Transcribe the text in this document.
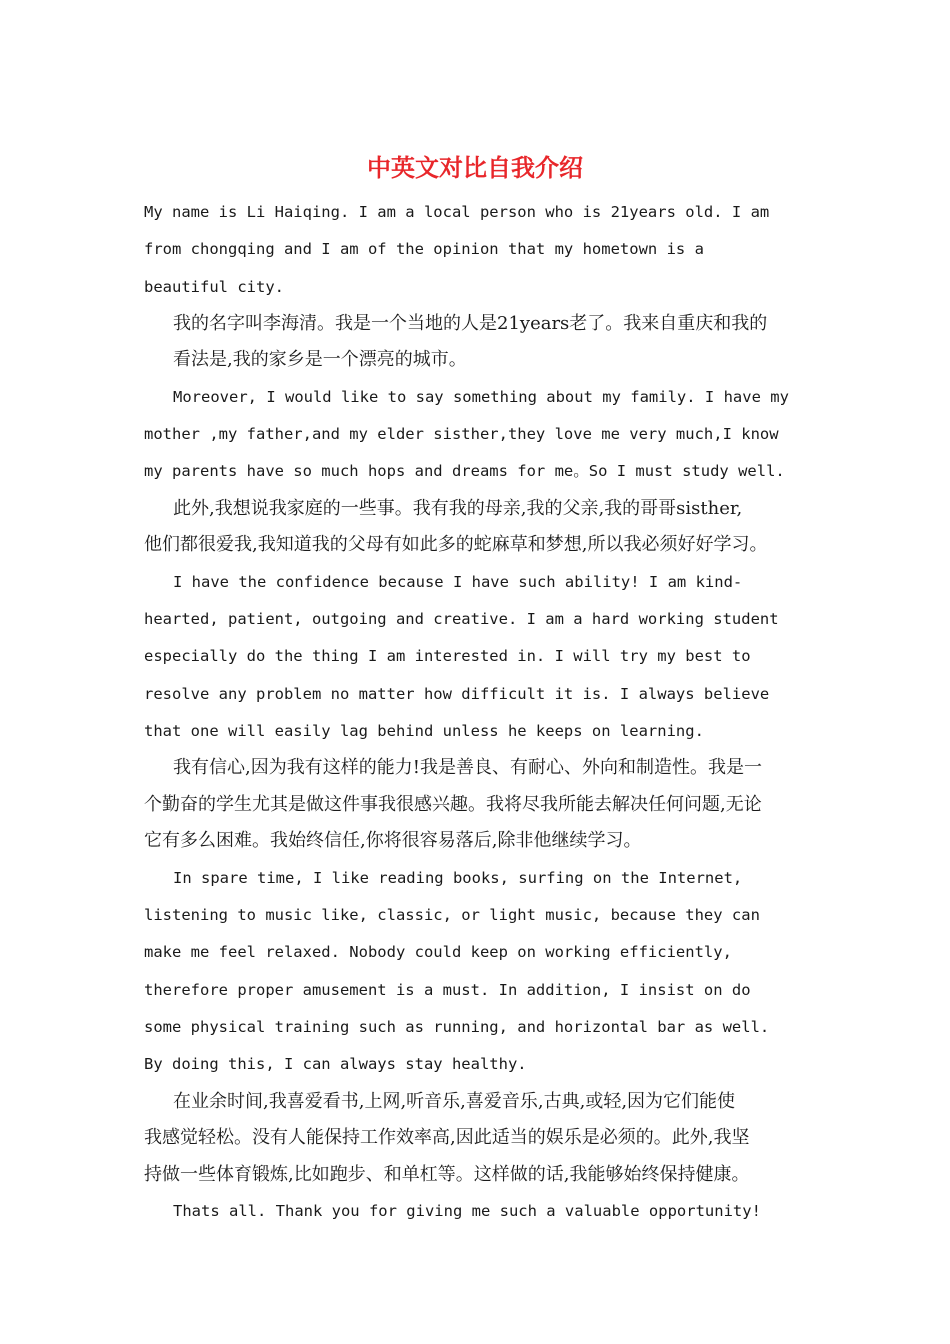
中英文对比自我介绍

My name is Li Haiqing. I am a local person who is 21years old. I am
from chongqing and I am of the opinion that my hometown is a
beautiful city.

我的名字叫李海清。我是一个当地的人是21years老了。我来自重庆和我的
看法是,我的家乡是一个漂亮的城市。

Moreover, I would like to say something about my family. I have my
mother ,my father,and my elder sisther,they love me very much,I know
my parents have so much hops and dreams for me。So I must study well.

此外,我想说我家庭的一些事。我有我的母亲,我的父亲,我的哥哥sisther,
他们都很爱我,我知道我的父母有如此多的蛇麻草和梦想,所以我必须好好学习。

I have the confidence because I have such ability! I am kind-
hearted, patient, outgoing and creative. I am a hard working student
especially do the thing I am interested in. I will try my best to
resolve any problem no matter how difficult it is. I always believe
that one will easily lag behind unless he keeps on learning.

我有信心,因为我有这样的能力!我是善良、有耐心、外向和制造性。我是一
个勤奋的学生尤其是做这件事我很感兴趣。我将尽我所能去解决任何问题,无论
它有多么困难。我始终信任,你将很容易落后,除非他继续学习。

In spare time, I like reading books, surfing on the Internet,
listening to music like, classic, or light music, because they can
make me feel relaxed. Nobody could keep on working efficiently,
therefore proper amusement is a must. In addition, I insist on do
some physical training such as running, and horizontal bar as well.
By doing this, I can always stay healthy.

在业余时间,我喜爱看书,上网,听音乐,喜爱音乐,古典,或轻,因为它们能使
我感觉轻松。没有人能保持工作效率高,因此适当的娱乐是必须的。此外,我坚
持做一些体育锻炼,比如跑步、和单杠等。这样做的话,我能够始终保持健康。

Thats all. Thank you for giving me such a valuable opportunity!
